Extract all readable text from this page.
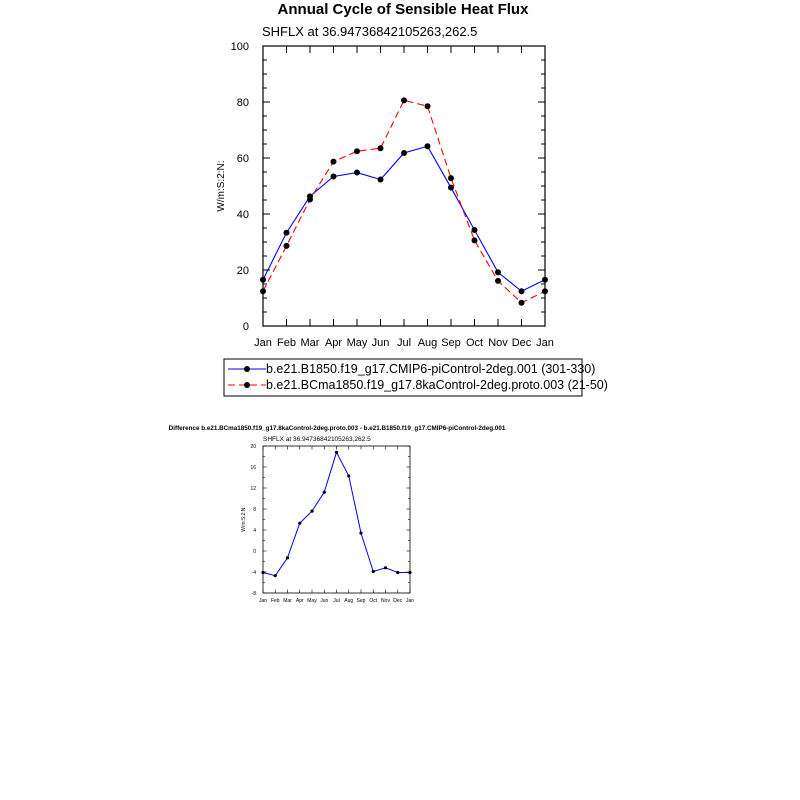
Annual Cycle of Sensible Heat Flux
SHFLX at 36.94736842105263,262.5
W/m:S:2:N:
Jan Feb Mar Apr May Jun Jul Aug Sep Oct Nov Dec Jan
0
20
40
60
80
100
b.e21.B1850.f19_g17.CMIP6-piControl-2deg.001 (301-330)
b.e21.BCma1850.f19_g17.8kaControl-2deg.proto.003 (21-50)
Difference b.e21.BCma1850.f19_g17.8kaControl-2deg.proto.003 - b.e21.B1850.f19_g17.CMIP6-piControl-2deg.001
SHFLX at 36.94736842105263,262.5
W/m:S:2:N:
Jan Feb Mar Apr May Jun Jul Aug Sep Oct Nov Dec Jan
-8
-4
0
4
8
12
16
20
